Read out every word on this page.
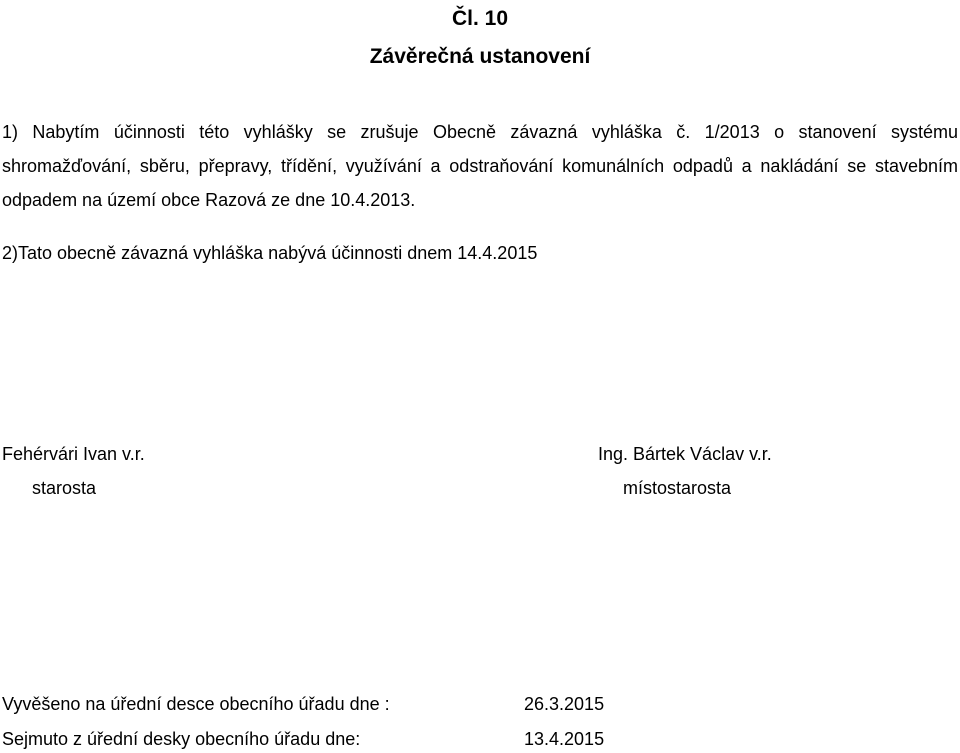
Čl. 10
Závěrečná ustanovení
1) Nabytím účinnosti této vyhlášky se zrušuje Obecně závazná vyhláška č. 1/2013 o stanovení systému shromažďování, sběru, přepravy, třídění, využívání a odstraňování komunálních odpadů a nakládání se stavebním odpadem na území obce Razová ze dne 10.4.2013.
2)Tato obecně závazná vyhláška nabývá účinnosti dnem 14.4.2015
Fehérvári Ivan v.r.
starosta
Ing. Bártek Václav v.r.
místostarosta
Vyvěšeno na úřední desce obecního úřadu dne :	26.3.2015
Sejmuto z úřední desky obecního úřadu dne:	13.4.2015
